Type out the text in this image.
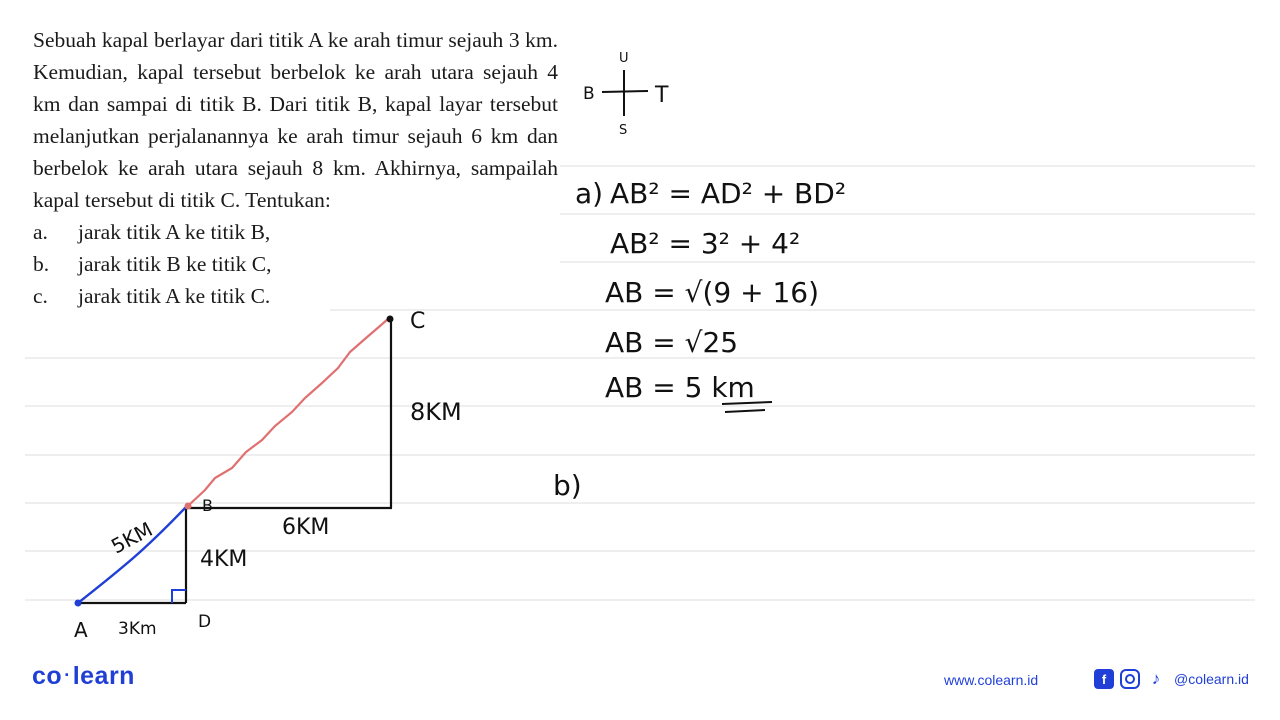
Sebuah kapal berlayar dari titik A ke arah timur sejauh 3 km. Kemudian, kapal tersebut berbelok ke arah utara sejauh 4 km dan sampai di titik B. Dari titik B, kapal layar tersebut melanjutkan perjalanannya ke arah timur sejauh 6 km dan berbelok ke arah utara sejauh 8 km. Akhirnya, sampailah kapal tersebut di titik C. Tentukan:

a.	jarak titik A ke titik B,
b.	jarak titik B ke titik C,
c.	jarak titik A ke titik C.
U
B	T
S
A 3Km D
4KM
5KM
B
6KM
8KM
C
a) AB² = AD² + BD²
AB² = 3² + 4²
AB = √(9 + 16)
AB = √25
AB = 5 km
b)
co ·learn	www.colearn.id	f	♪ @colearn.id
